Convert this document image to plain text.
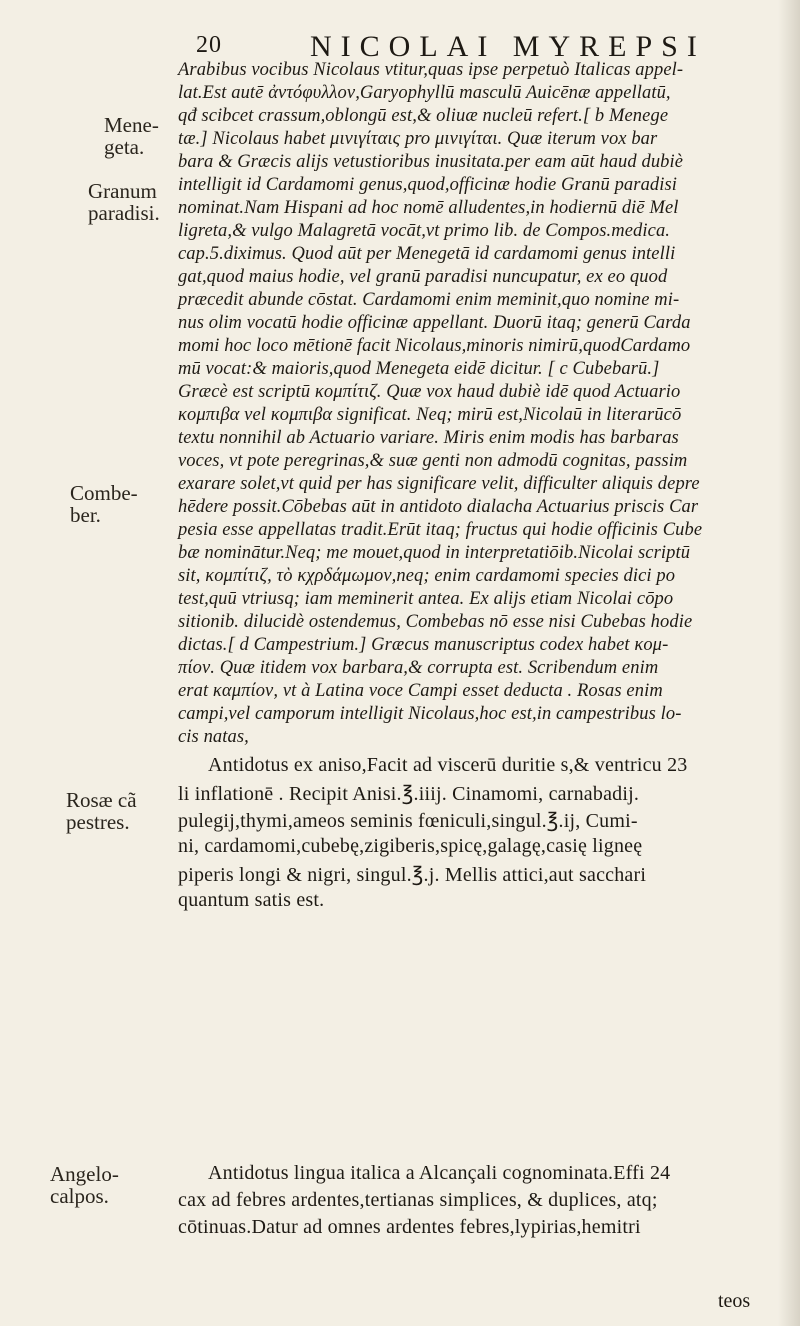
20	NICOLAI MYREPSI
Mene-
geta.
Granum
paradisi.
Combe-
ber.
Rosæ cã
pestres.
Angelo-
calpos.
Arabibus vocibus Nicolaus vtitur,quas ipse perpetuò Italicas appel-
lat.Est autē ἀντόφυλλον,Garyophyllū masculū Auicēnæ appellatū,
qđ scibcet crassum,oblongū est,& oliuæ nucleū refert.[ b Menege
tæ.] Nicolaus habet μινιγίταις pro μινιγίται. Quæ iterum vox bar
bara & Græcis alijs vetustioribus inusitata.per eam aūt haud dubiè
intelligit id Cardamomi genus,quod,officinæ hodie Granū paradisi
nominat.Nam Hispani ad hoc nomē alludentes,in hodiernū diē Mel
ligreta,& vulgo Malagretā vocāt,vt primo lib. de Compos.medica.
cap.5.diximus. Quod aūt per Menegetā id cardamomi genus intelli
gat,quod maius hodie, vel granū paradisi nuncupatur, ex eo quod
præcedit abunde cōstat. Cardamomi enim meminit,quo nomine mi-
nus olim vocatū hodie officinæ appellant. Duorū itaq; generū Carda
momi hoc loco mētionē facit Nicolaus,minoris nimirū,quodCardamo
mū vocat:& maioris,quod Menegeta eidē dicitur. [ c Cubebarū.]
Græcè est scriptū κομπίτιζ. Quæ vox haud dubiè idē quod Actuario
κομπιβα vel κομπιβα significat. Neq; mirū est,Nicolaū in literarūcō
textu nonnihil ab Actuario variare. Miris enim modis has barbaras
voces, vt pote peregrinas,& suæ genti non admodū cognitas, passim
exarare solet,vt quid per has significare velit, difficulter aliquis depre
hēdere possit.Cōbebas aūt in antidoto dialacha Actuarius priscis Car
pesia esse appellatas tradit.Erūt itaq; fructus qui hodie officinis Cube
bæ nominātur.Neq; me mouet,quod in interpretatiōib.Nicolai scriptū
sit, κομπίτιζ, τὸ κχρδάμωμον,neq; enim cardamomi species dici po
test,quū vtriusq; iam meminerit antea. Ex alijs etiam Nicolai cōpo
sitionib. dilucidè ostendemus, Combebas nō esse nisi Cubebas hodie
dictas.[ d Campestrium.] Græcus manuscriptus codex habet κομ-
πίον. Quæ itidem vox barbara,& corrupta est. Scribendum enim
erat καμπίον, vt à Latina voce Campi esset deducta . Rosas enim
campi,vel camporum intelligit Nicolaus,hoc est,in campestribus lo-
cis natas,
Antidotus ex aniso,Facit ad viscerū duritie s,& ventricu 23
li inflationē . Recipit Anisi.℥.iiij. Cinamomi, carnabadij.
pulegij,thymi,ameos seminis fœniculi,singul.℥.ij, Cumi-
ni, cardamomi,cubebę,zigiberis,spicę,galagę,casię ligneę
piperis longi & nigri, singul.℥.j. Mellis attici,aut sacchari
quantum satis est.
Antidotus lingua italica a Alcançali cognominata.Effi 24
cax ad febres ardentes,tertianas simplices, & duplices, atq;
cōtinuas.Datur ad omnes ardentes febres,lypirias,hemitri
teos
